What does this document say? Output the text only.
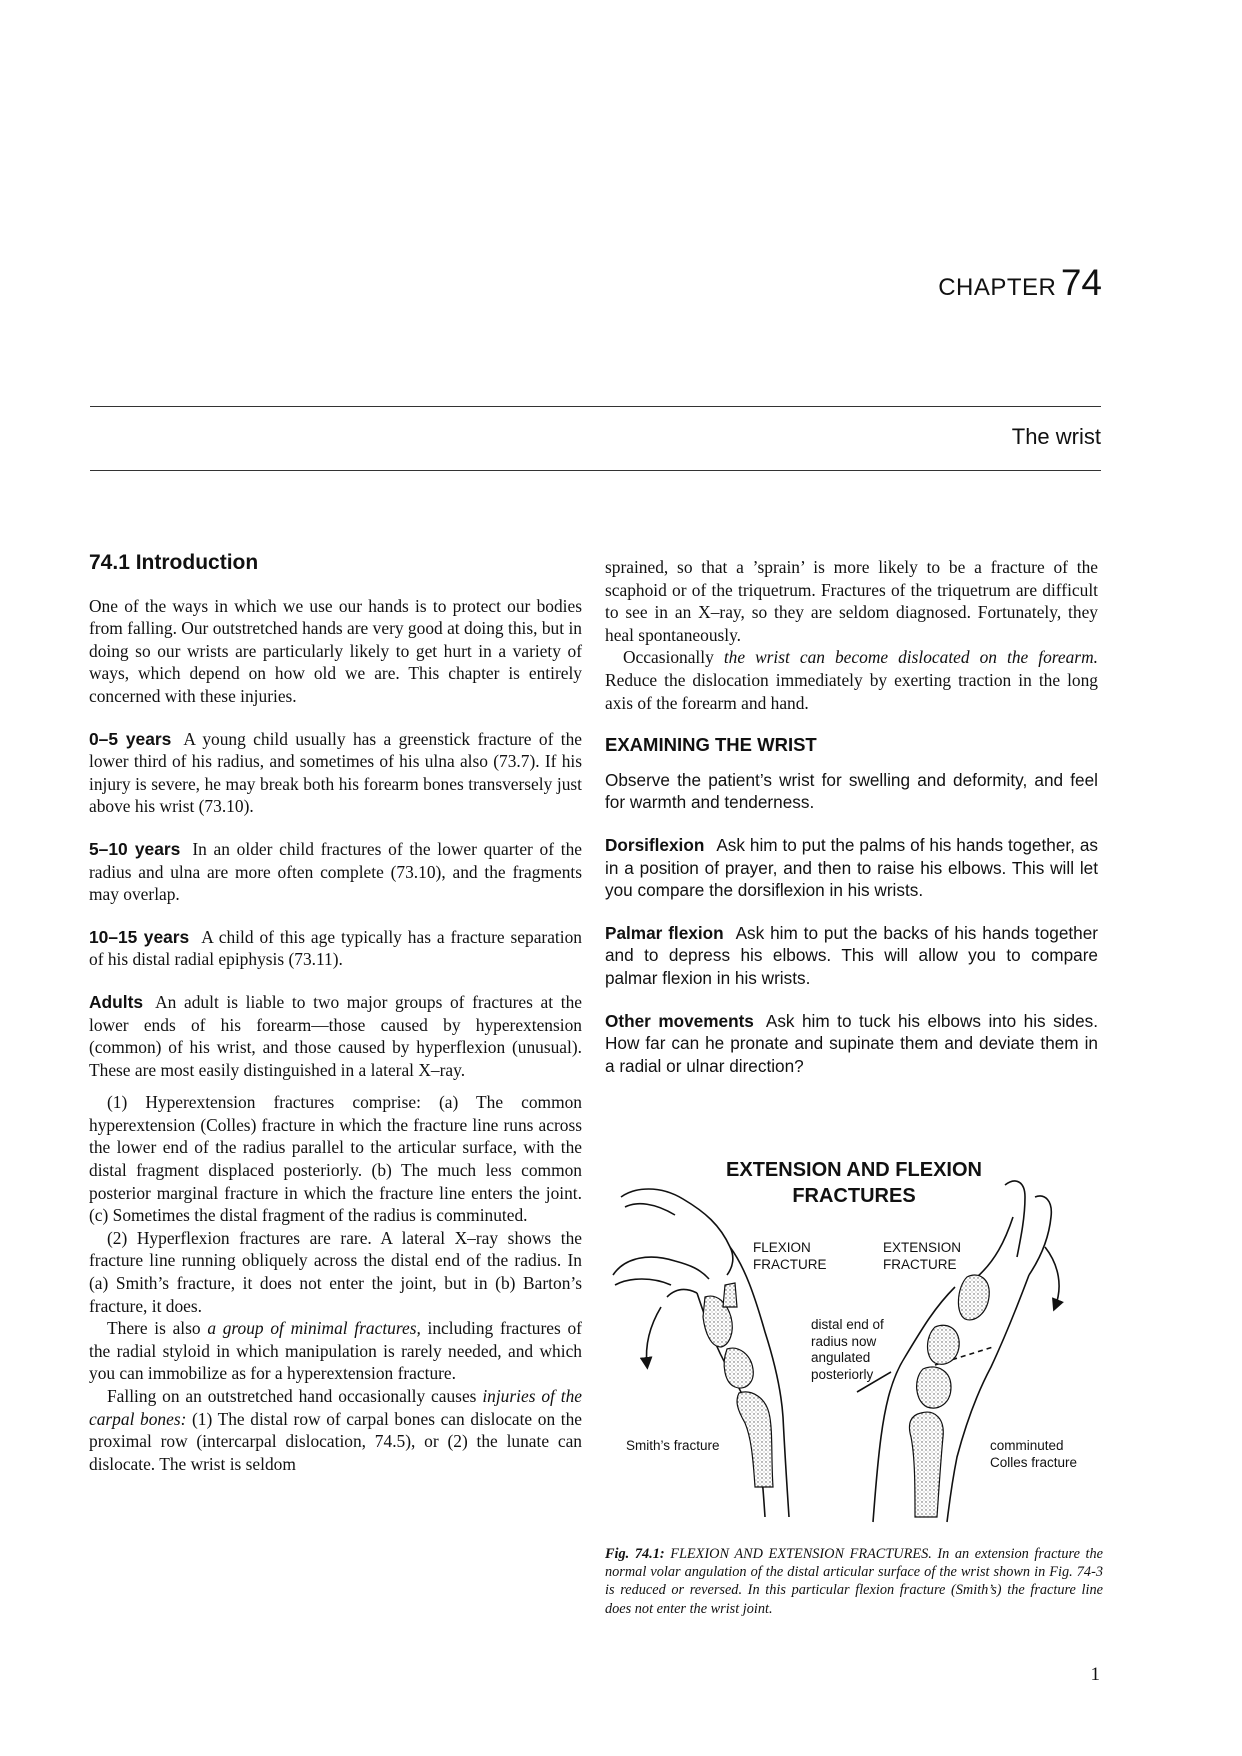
CHAPTER 74
The wrist
74.1 Introduction

One of the ways in which we use our hands is to protect our bodies from falling. Our outstretched hands are very good at doing this, but in doing so our wrists are particularly likely to get hurt in a variety of ways, which depend on how old we are. This chapter is entirely concerned with these injuries.

0–5 years A young child usually has a greenstick fracture of the lower third of his radius, and sometimes of his ulna also (73.7). If his injury is severe, he may break both his forearm bones transversely just above his wrist (73.10).

5–10 years In an older child fractures of the lower quarter of the radius and ulna are more often complete (73.10), and the fragments may overlap.

10–15 years A child of this age typically has a fracture separation of his distal radial epiphysis (73.11).

Adults An adult is liable to two major groups of fractures at the lower ends of his forearm—those caused by hyperextension (common) of his wrist, and those caused by hyperflexion (unusual). These are most easily distinguished in a lateral X–ray.

(1) Hyperextension fractures comprise: (a) The common hyperextension (Colles) fracture in which the fracture line runs across the lower end of the radius parallel to the articular surface, with the distal fragment displaced posteriorly. (b) The much less common posterior marginal fracture in which the fracture line enters the joint. (c) Sometimes the distal fragment of the radius is comminuted.

(2) Hyperflexion fractures are rare. A lateral X–ray shows the fracture line running obliquely across the distal end of the radius. In (a) Smith’s fracture, it does not enter the joint, but in (b) Barton’s fracture, it does.

There is also a group of minimal fractures, including fractures of the radial styloid in which manipulation is rarely needed, and which you can immobilize as for a hyperextension fracture.

Falling on an outstretched hand occasionally causes injuries of the carpal bones: (1) The distal row of carpal bones can dislocate on the proximal row (intercarpal dislocation, 74.5), or (2) the lunate can dislocate. The wrist is seldom

sprained, so that a ’sprain’ is more likely to be a fracture of the scaphoid or of the triquetrum. Fractures of the triquetrum are difficult to see in an X–ray, so they are seldom diagnosed. Fortunately, they heal spontaneously.

Occasionally the wrist can become dislocated on the forearm. Reduce the dislocation immediately by exerting traction in the long axis of the forearm and hand.

EXAMINING THE WRIST

Observe the patient’s wrist for swelling and deformity, and feel for warmth and tenderness.

Dorsiflexion Ask him to put the palms of his hands together, as in a position of prayer, and then to raise his elbows. This will let you compare the dorsiflexion in his wrists.

Palmar flexion Ask him to put the backs of his hands together and to depress his elbows. This will allow you to compare palmar flexion in his wrists.

Other movements Ask him to tuck his elbows into his sides. How far can he pronate and supinate them and deviate them in a radial or ulnar direction?

EXTENSION AND FLEXION
FRACTURES
FLEXION
FRACTURE
EXTENSION
FRACTURE
distal end of
radius now
angulated
posteriorly
Smith’s fracture	comminuted
Colles fracture
Fig. 74.1: FLEXION AND EXTENSION FRACTURES. In an extension fracture the normal volar angulation of the distal articular surface of the wrist shown in Fig. 74-3 is reduced or reversed. In this particular flexion fracture (Smith’s) the fracture line does not enter the wrist joint.
1
